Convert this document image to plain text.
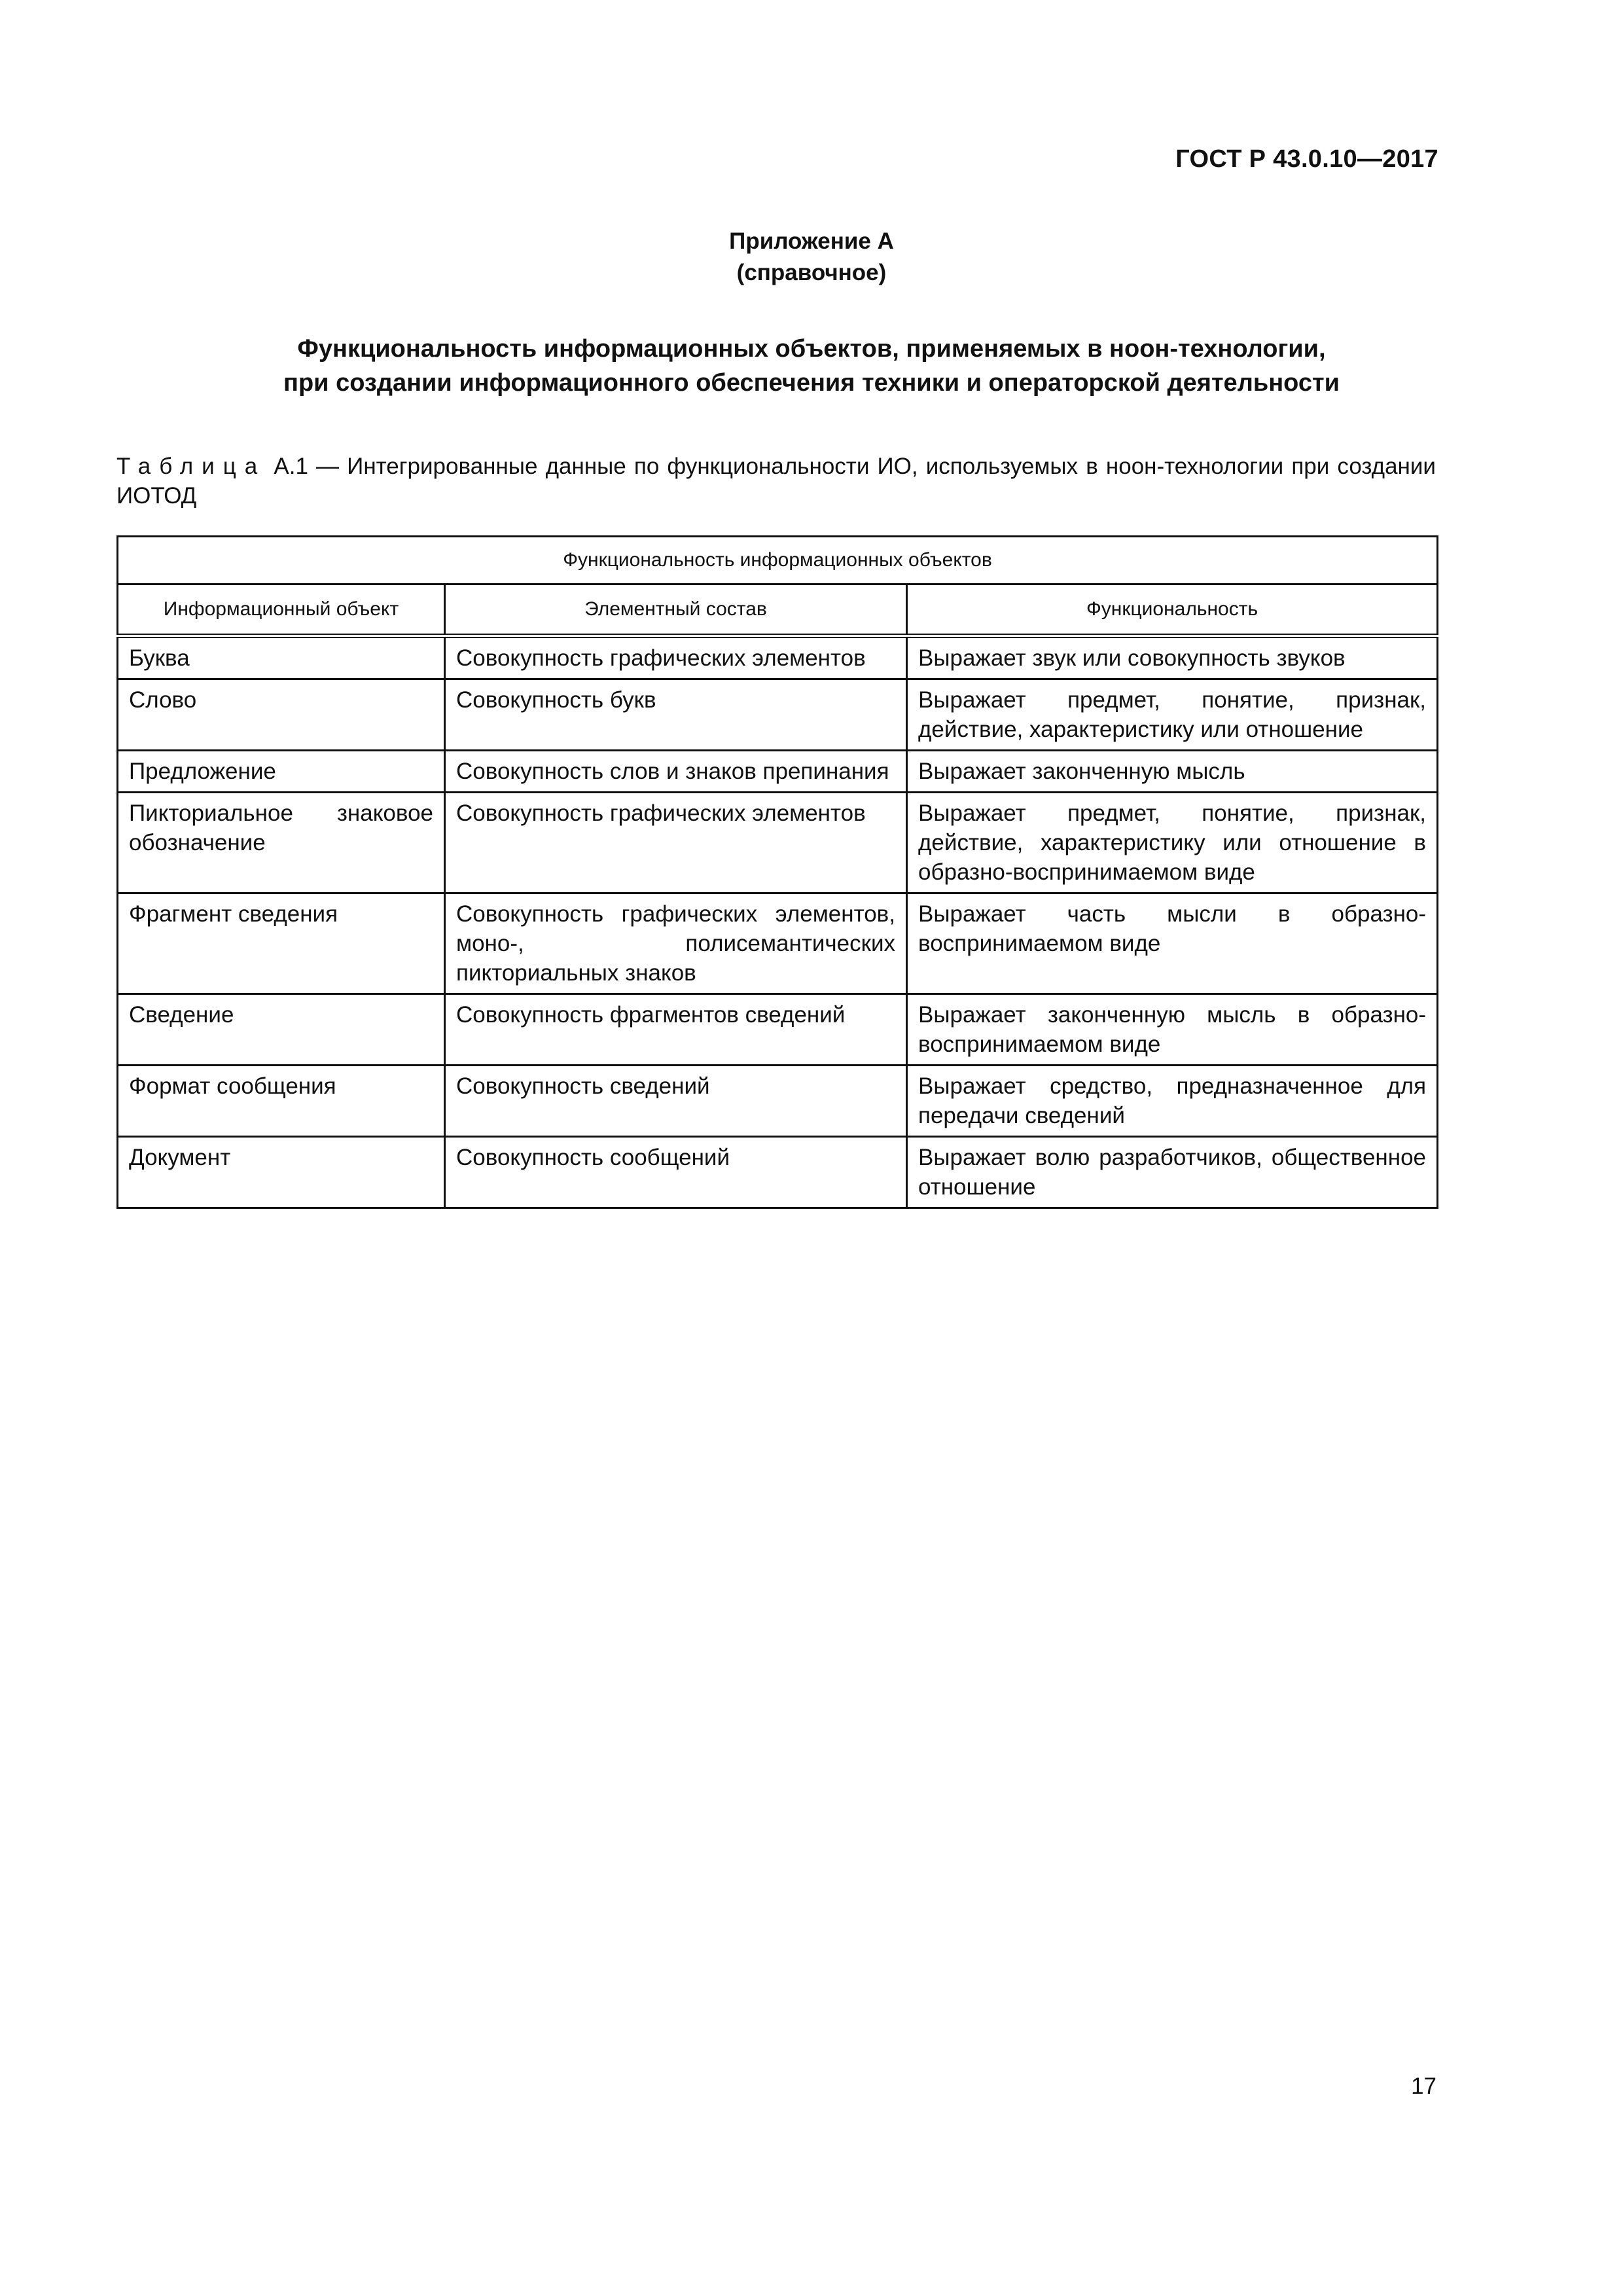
ГОСТ Р 43.0.10—2017

Приложение А
(справочное)
Функциональность информационных объектов, применяемых в ноон-технологии,
при создании информационного обеспечения техники и операторской деятельности

Таблица А.1 — Интегрированные данные по функциональности ИО, используемых в ноон-технологии при создании ИОТОД

Функциональность информационных объектов		
Информационный объект	Элементный состав	Функциональность
Буква	Совокупность графических элементов	Выражает звук или совокупность звуков
Слово	Совокупность букв	Выражает предмет, понятие, признак, действие, характеристику или отношение
Предложение	Совокупность слов и знаков препинания	Выражает законченную мысль
Пикториальное знаковое обозначение	Совокупность графических элементов	Выражает предмет, понятие, признак, действие, характеристику или отношение в образно-воспринимаемом виде
Фрагмент сведения	Совокупность графических элементов, моно-, полисемантических пикториальных знаков	Выражает часть мысли в образно-воспринимаемом виде
Сведение	Совокупность фрагментов сведений	Выражает законченную мысль в образно-воспринимаемом виде
Формат сообщения	Совокупность сведений	Выражает средство, предназначенное для передачи сведений
Документ	Совокупность сообщений	Выражает волю разработчиков, общественное отношение

17
